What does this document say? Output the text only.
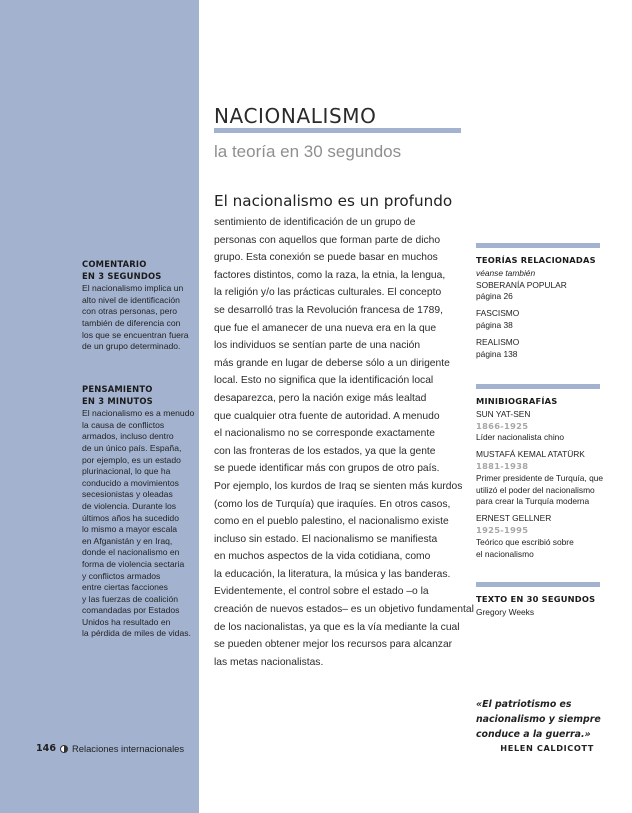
COMENTARIO
EN 3 SEGUNDOS
El nacionalismo implica un
alto nivel de identificación
con otras personas, pero
también de diferencia con
los que se encuentran fuera
de un grupo determinado.
PENSAMIENTO
EN 3 MINUTOS
El nacionalismo es a menudo
la causa de conflictos
armados, incluso dentro
de un único país. España,
por ejemplo, es un estado
plurinacional, lo que ha
conducido a movimientos
secesionistas y oleadas
de violencia. Durante los
últimos años ha sucedido
lo mismo a mayor escala
en Afganistán y en Iraq,
donde el nacionalismo en
forma de violencia sectaria
y conflictos armados
entre ciertas facciones
y las fuerzas de coalición
comandadas por Estados
Unidos ha resultado en
la pérdida de miles de vidas.
NACIONALISMO
la teoría en 30 segundos
El nacionalismo es un profundo
sentimiento de identificación de un grupo de
personas con aquellos que forman parte de dicho
grupo. Esta conexión se puede basar en muchos
factores distintos, como la raza, la etnia, la lengua,
la religión y/o las prácticas culturales. El concepto
se desarrolló tras la Revolución francesa de 1789,
que fue el amanecer de una nueva era en la que
los individuos se sentían parte de una nación
más grande en lugar de deberse sólo a un dirigente
local. Esto no significa que la identificación local
desaparezca, pero la nación exige más lealtad
que cualquier otra fuente de autoridad. A menudo
el nacionalismo no se corresponde exactamente
con las fronteras de los estados, ya que la gente
se puede identificar más con grupos de otro país.
Por ejemplo, los kurdos de Iraq se sienten más kurdos
(como los de Turquía) que iraquíes. En otros casos,
como en el pueblo palestino, el nacionalismo existe
incluso sin estado. El nacionalismo se manifiesta
en muchos aspectos de la vida cotidiana, como
la educación, la literatura, la música y las banderas.
Evidentemente, el control sobre el estado –o la
creación de nuevos estados– es un objetivo fundamental
de los nacionalistas, ya que es la vía mediante la cual
se pueden obtener mejor los recursos para alcanzar
las metas nacionalistas.
TEORÍAS RELACIONADAS
véanse también
SOBERANÍA POPULAR
página 26
FASCISMO
página 38
REALISMO
página 138
MINIBIOGRAFÍAS
SUN YAT-SEN
1866-1925
Líder nacionalista chino
MUSTAFÁ KEMAL ATATÜRK
1881-1938
Primer presidente de Turquía, que
utilizó el poder del nacionalismo
para crear la Turquía moderna
ERNEST GELLNER
1925-1995
Teórico que escribió sobre
el nacionalismo
TEXTO EN 30 SEGUNDOS
Gregory Weeks
«El patriotismo es
nacionalismo y siempre
conduce a la guerra.»
HELEN CALDICOTT
146 Relaciones internacionales
